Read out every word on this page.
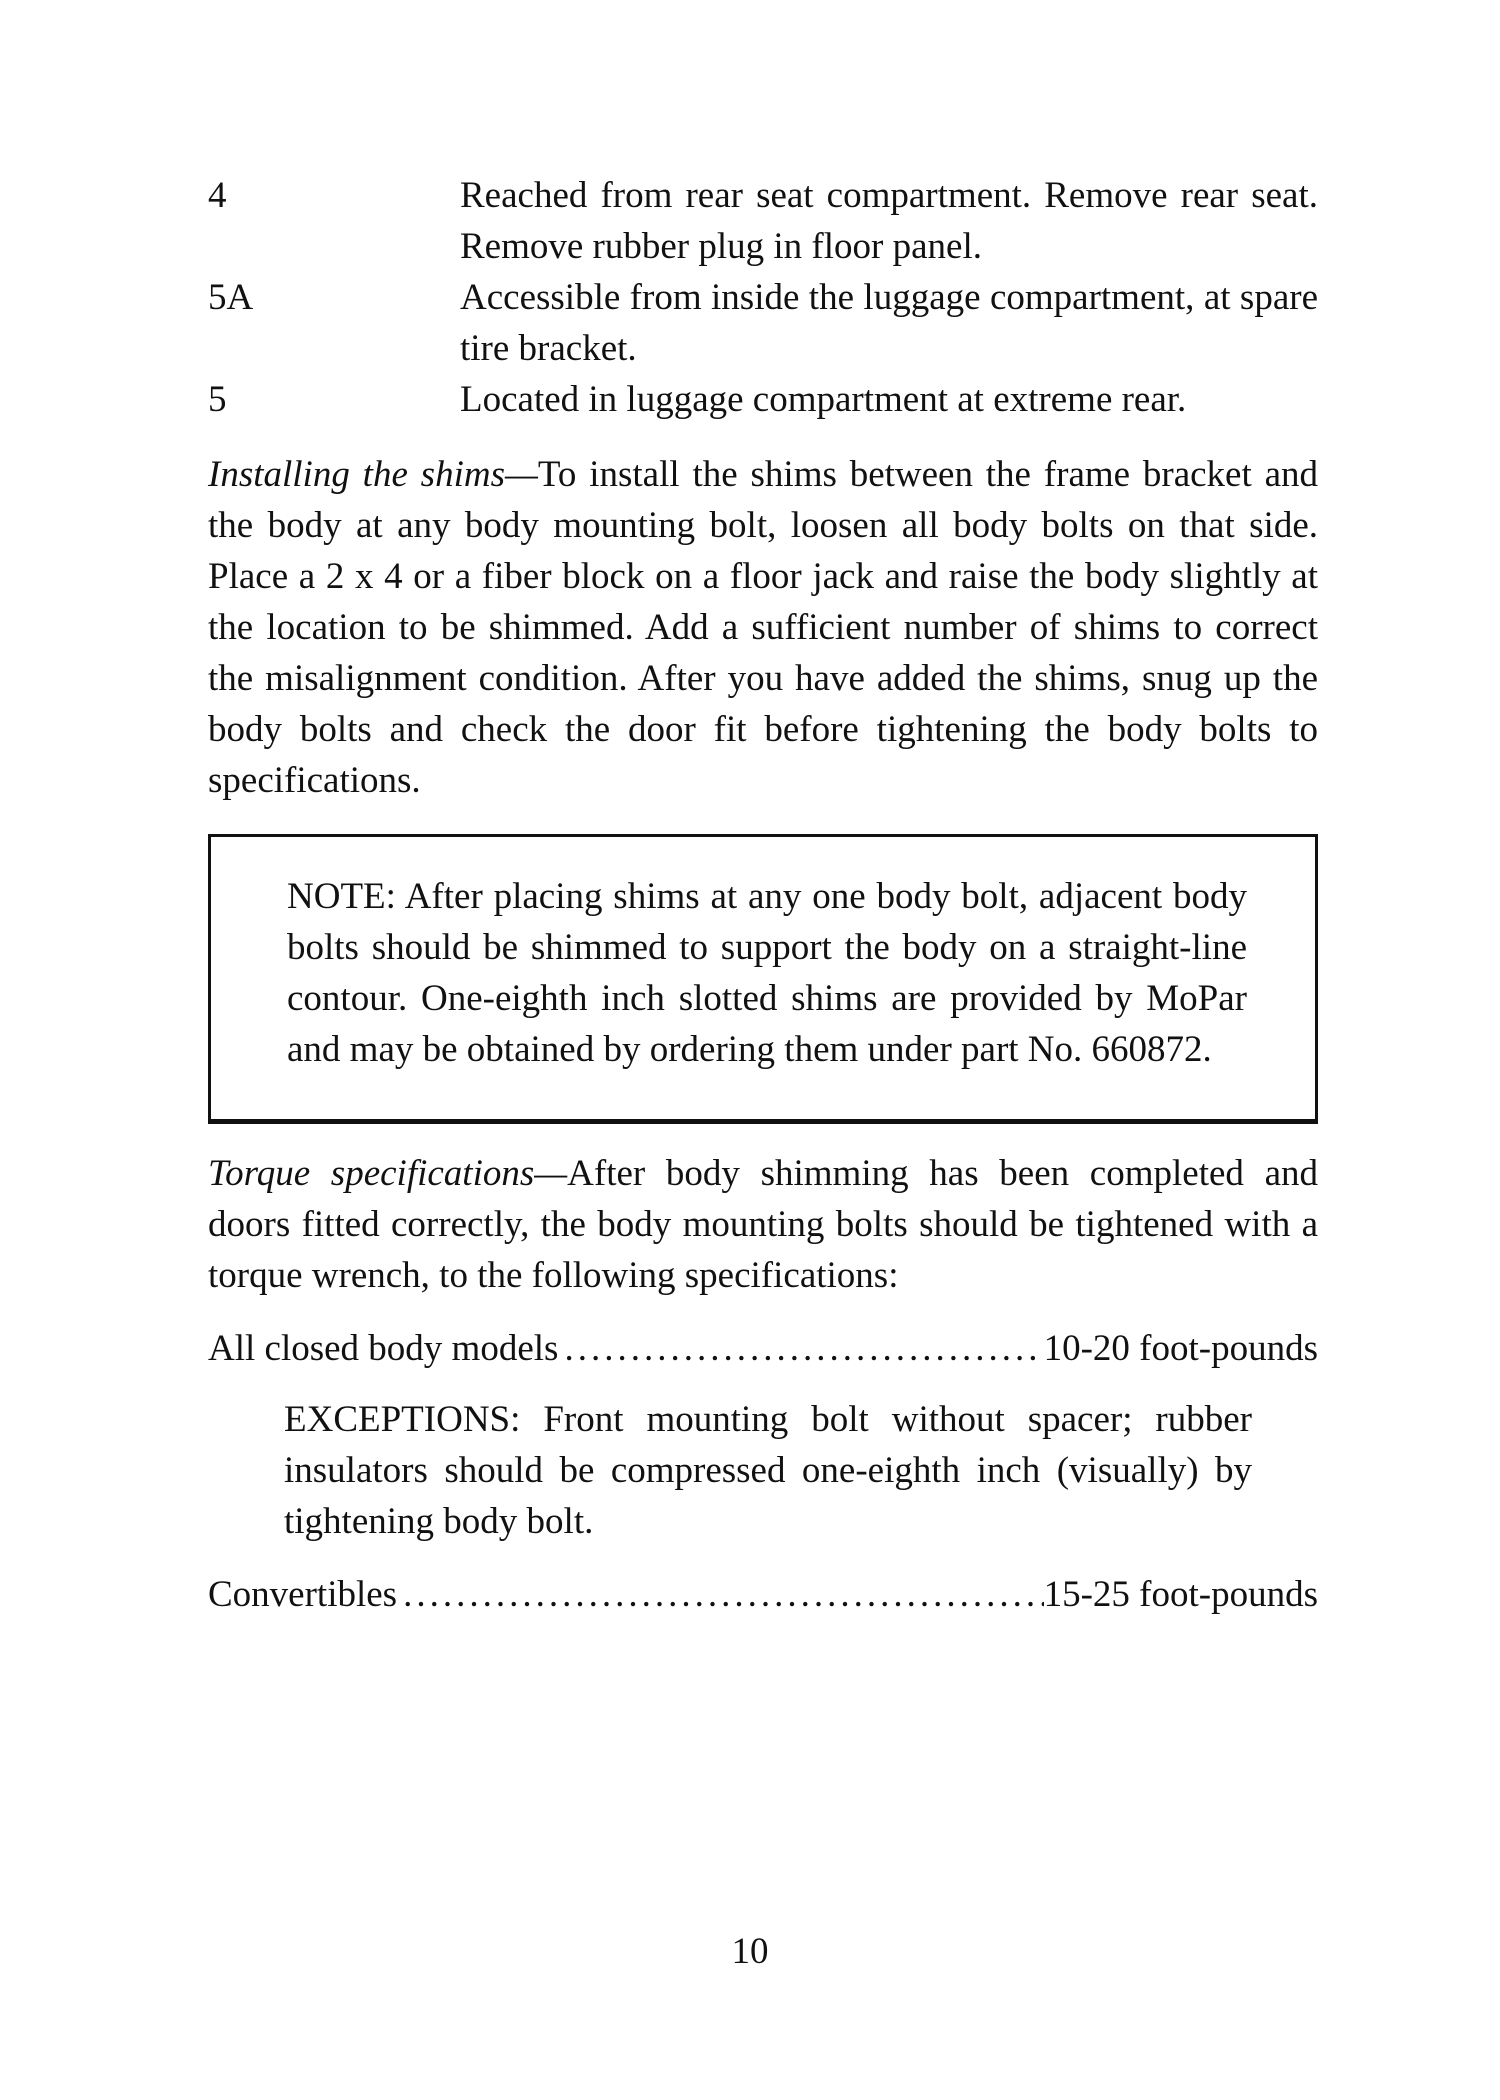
4	Reached from rear seat compartment. Remove rear seat. Remove rubber plug in floor panel.
5A	Accessible from inside the luggage compartment, at spare tire bracket.
5	Located in luggage compartment at extreme rear.

Installing the shims—To install the shims between the frame bracket and the body at any body mounting bolt, loosen all body bolts on that side. Place a 2 x 4 or a fiber block on a floor jack and raise the body slightly at the location to be shimmed. Add a sufficient number of shims to correct the misalignment condition. After you have added the shims, snug up the body bolts and check the door fit before tightening the body bolts to specifications.

NOTE: After placing shims at any one body bolt, adjacent body bolts should be shimmed to support the body on a straight-line contour. One-eighth inch slotted shims are provided by MoPar and may be obtained by ordering them under part No. 660872.

Torque specifications—After body shimming has been completed and doors fitted correctly, the body mounting bolts should be tightened with a torque wrench, to the following specifications:

All closed body models .....	10-20 foot-pounds
EXCEPTIONS: Front mounting bolt without spacer; rubber insulators should be compressed one-eighth inch (visually) by tightening body bolt.
Convertibles .....	15-25 foot-pounds
10
